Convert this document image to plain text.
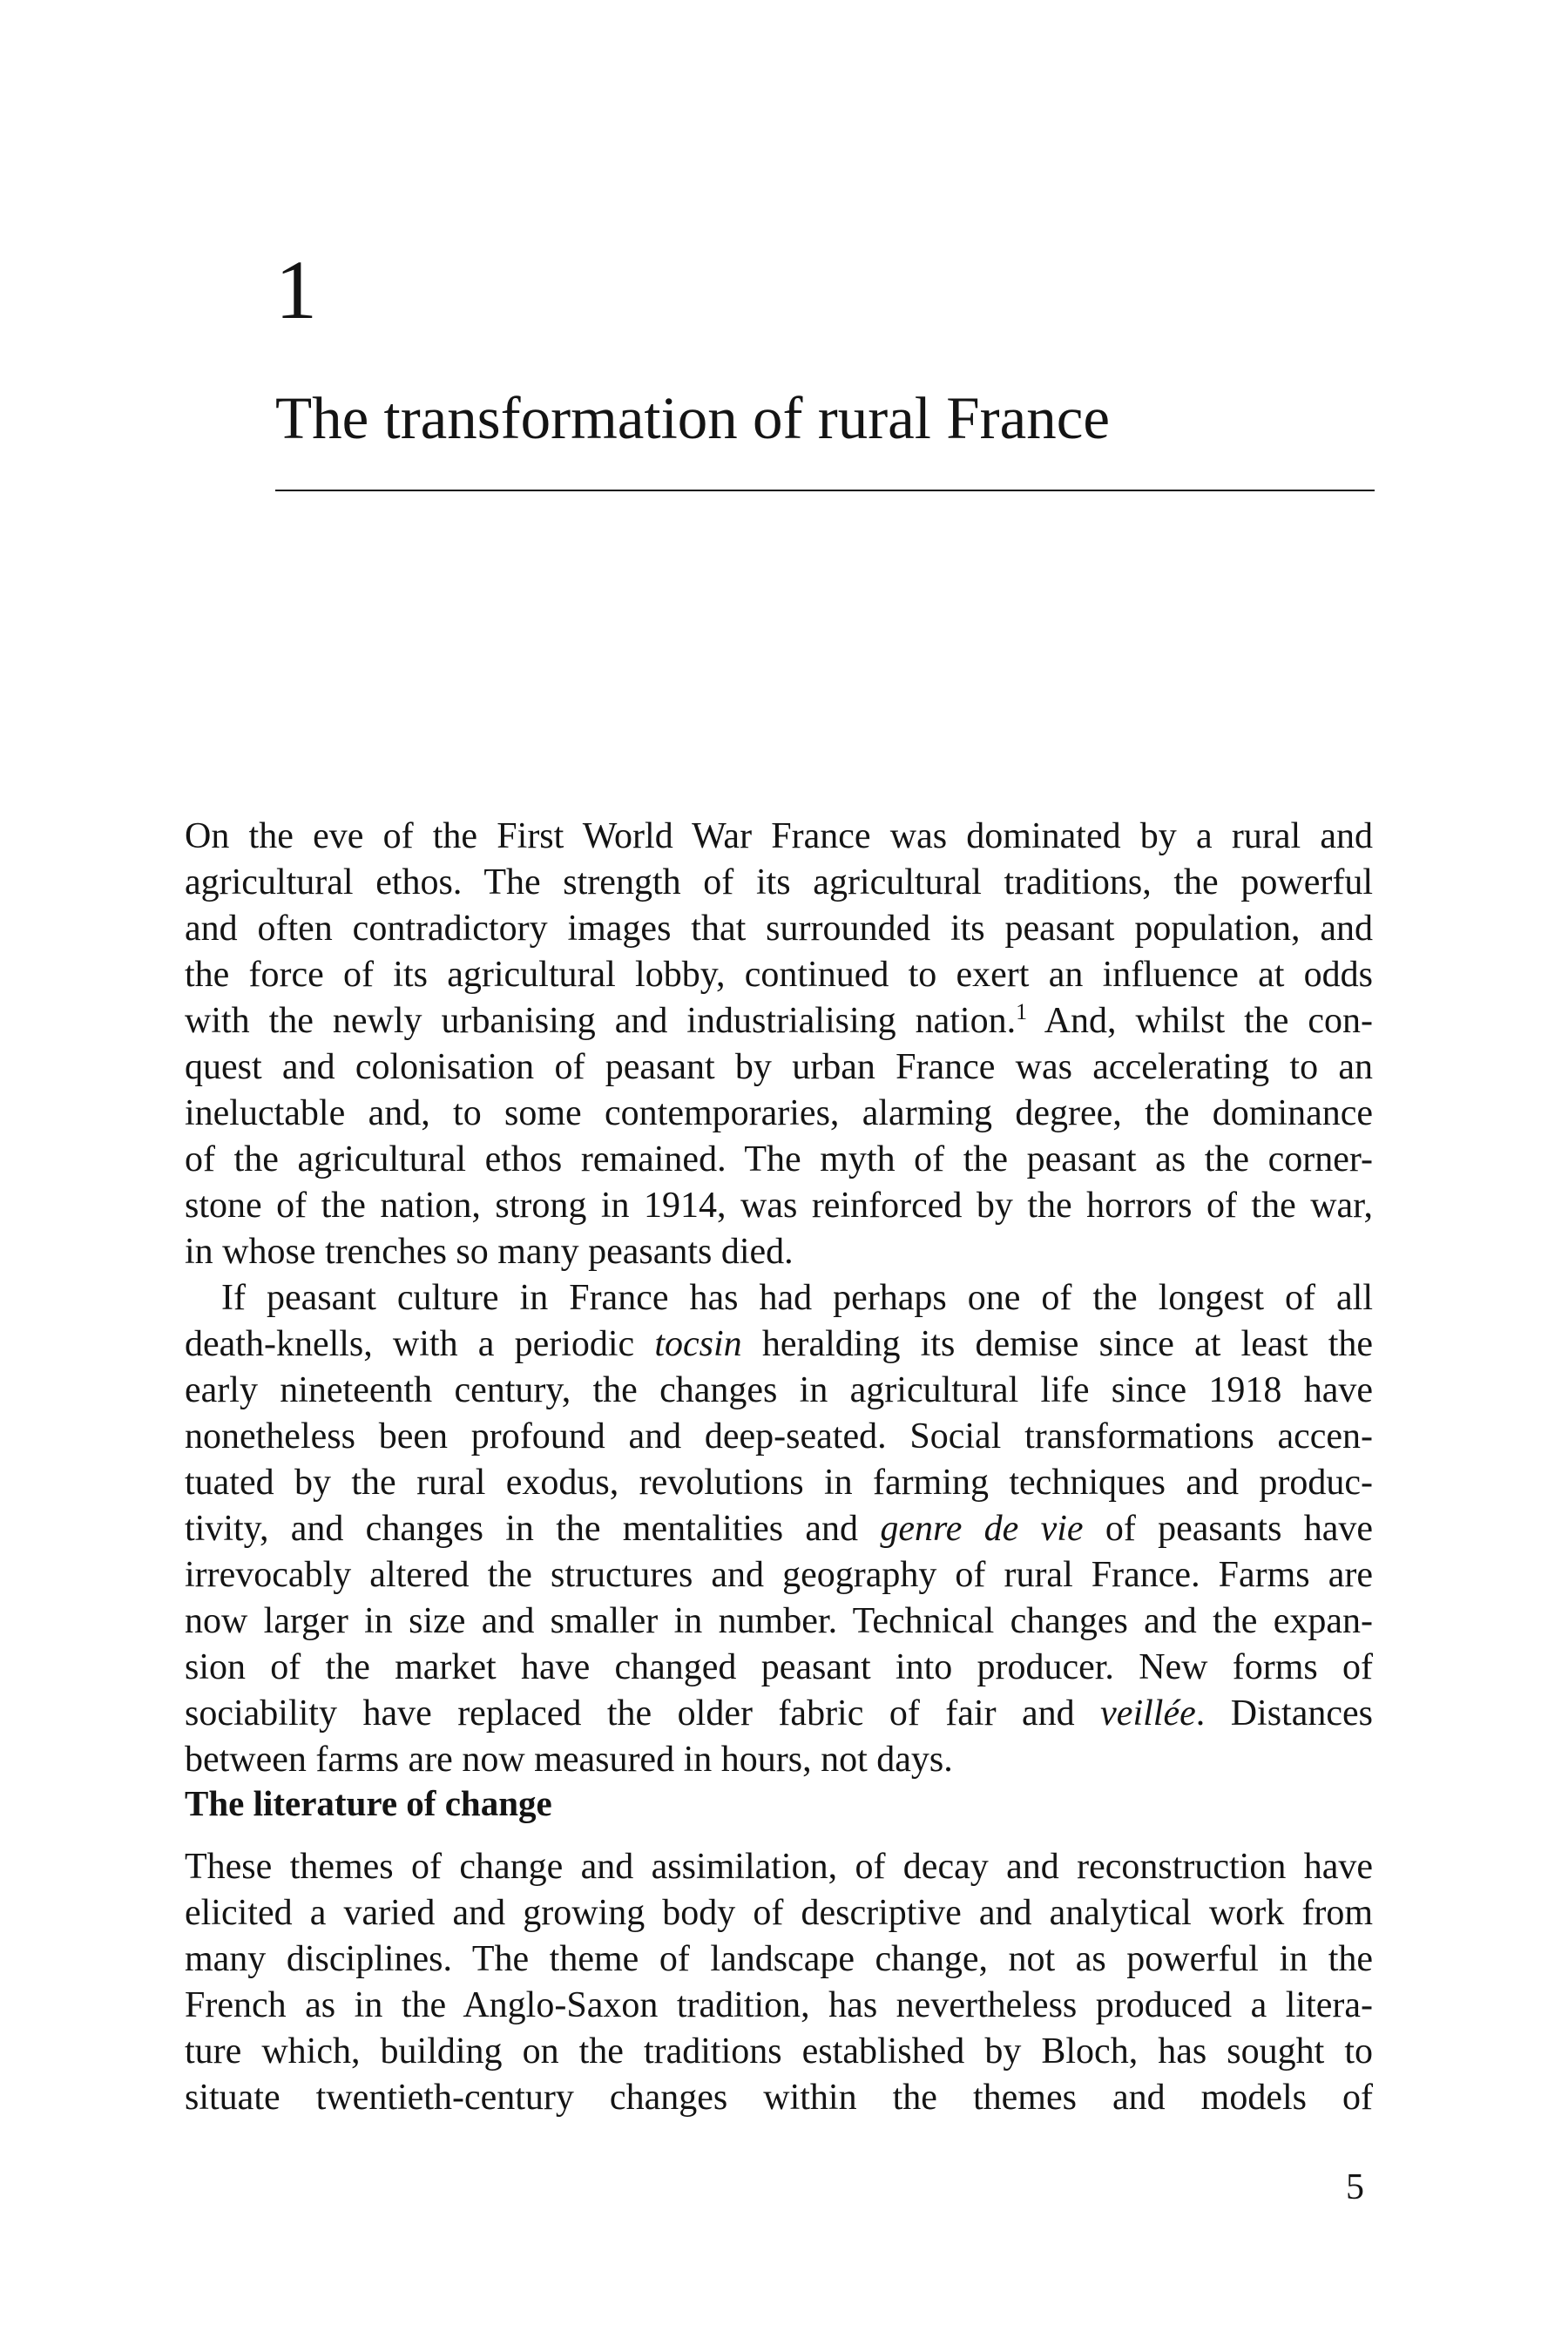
1
The transformation of rural France
On the eve of the First World War France was dominated by a rural and
agricultural ethos. The strength of its agricultural traditions, the powerful
and often contradictory images that surrounded its peasant population, and
the force of its agricultural lobby, continued to exert an influence at odds
with the newly urbanising and industrialising nation.$^1$ And, whilst the con-
quest and colonisation of peasant by urban France was accelerating to an
ineluctable and, to some contemporaries, alarming degree, the dominance
of the agricultural ethos remained. The myth of the peasant as the corner-
stone of the nation, strong in 1914, was reinforced by the horrors of the war,
in whose trenches so many peasants died.
If peasant culture in France has had perhaps one of the longest of all
death-knells, with a periodic tocsin heralding its demise since at least the
early nineteenth century, the changes in agricultural life since 1918 have
nonetheless been profound and deep-seated. Social transformations accen-
tuated by the rural exodus, revolutions in farming techniques and produc-
tivity, and changes in the mentalities and genre de vie of peasants have
irrevocably altered the structures and geography of rural France. Farms are
now larger in size and smaller in number. Technical changes and the expan-
sion of the market have changed peasant into producer. New forms of
sociability have replaced the older fabric of fair and veillée. Distances
between farms are now measured in hours, not days.
The literature of change
These themes of change and assimilation, of decay and reconstruction have
elicited a varied and growing body of descriptive and analytical work from
many disciplines. The theme of landscape change, not as powerful in the
French as in the Anglo-Saxon tradition, has nevertheless produced a litera-
ture which, building on the traditions established by Bloch, has sought to
situate twentieth-century changes within the themes and models of
5
